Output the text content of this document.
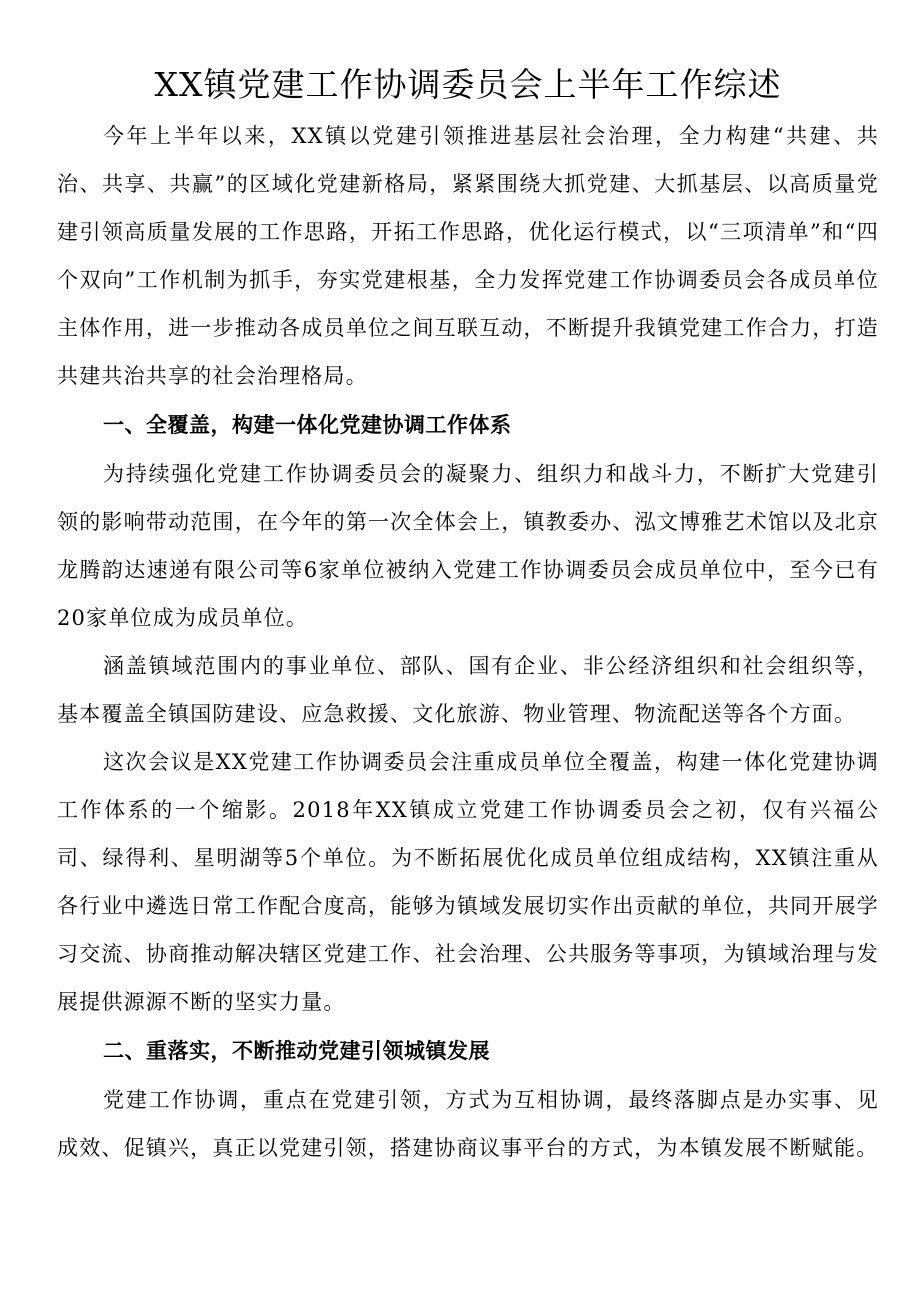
XX镇党建工作协调委员会上半年工作综述

今年上半年以来，XX镇以党建引领推进基层社会治理，全力构建“共建、共治、共享、共赢”的区域化党建新格局，紧紧围绕大抓党建、大抓基层、以高质量党建引领高质量发展的工作思路，开拓工作思路，优化运行模式，以“三项清单”和“四个双向”工作机制为抓手，夯实党建根基，全力发挥党建工作协调委员会各成员单位主体作用，进一步推动各成员单位之间互联互动，不断提升我镇党建工作合力，打造共建共治共享的社会治理格局。

一、全覆盖，构建一体化党建协调工作体系

为持续强化党建工作协调委员会的凝聚力、组织力和战斗力，不断扩大党建引领的影响带动范围，在今年的第一次全体会上，镇教委办、泓文博雅艺术馆以及北京龙腾韵达速递有限公司等6家单位被纳入党建工作协调委员会成员单位中，至今已有20家单位成为成员单位。

涵盖镇域范围内的事业单位、部队、国有企业、非公经济组织和社会组织等，基本覆盖全镇国防建设、应急救援、文化旅游、物业管理、物流配送等各个方面。

这次会议是XX党建工作协调委员会注重成员单位全覆盖，构建一体化党建协调工作体系的一个缩影。2018年XX镇成立党建工作协调委员会之初，仅有兴福公司、绿得利、星明湖等5个单位。为不断拓展优化成员单位组成结构，XX镇注重从各行业中遴选日常工作配合度高，能够为镇域发展切实作出贡献的单位，共同开展学习交流、协商推动解决辖区党建工作、社会治理、公共服务等事项，为镇域治理与发展提供源源不断的坚实力量。

二、重落实，不断推动党建引领城镇发展

党建工作协调，重点在党建引领，方式为互相协调，最终落脚点是办实事、见成效、促镇兴，真正以党建引领，搭建协商议事平台的方式，为本镇发展不断赋能。
